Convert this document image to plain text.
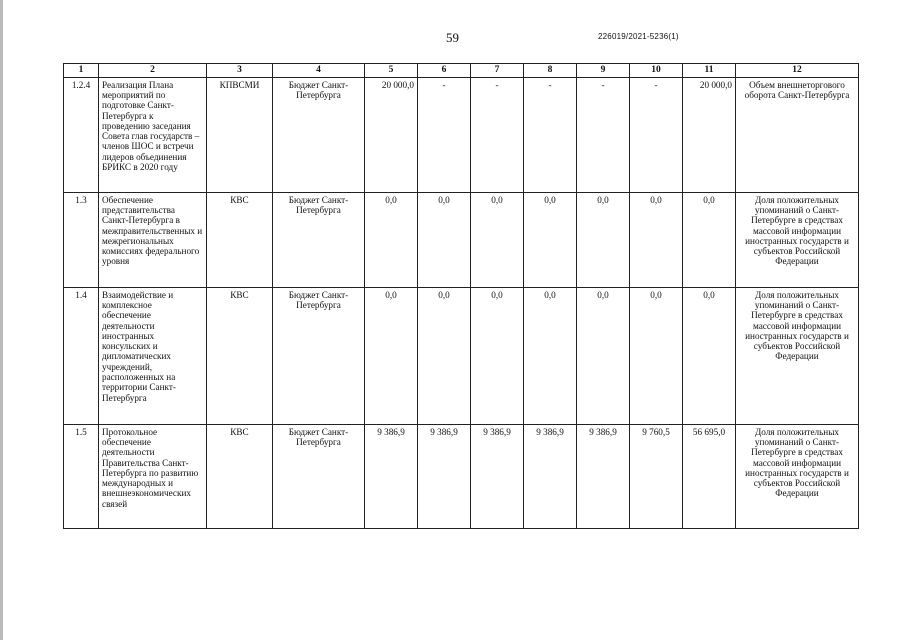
59	226019/2021-5236(1)
1	2	3	4	5	6	7	8	9	10	11	12
1.2.4	Реализация Плана мероприятий по подготовке Санкт-Петербурга к проведению заседания Совета глав государств – членов ШОС и встречи лидеров объединения БРИКС в 2020 году	КПВСМИ	Бюджет Санкт-Петербурга	20 000,0	-	-	-	-	-	20 000,0	Объем внешнеторгового оборота Санкт-Петербурга
1.3	Обеспечение представительства Санкт-Петербурга в межправительственных и межрегиональных комиссиях федерального уровня	КВС	Бюджет Санкт-Петербурга	0,0	0,0	0,0	0,0	0,0	0,0	0,0	Доля положительных упоминаний о Санкт-Петербурге в средствах массовой информации иностранных государств и субъектов Российской Федерации
1.4	Взаимодействие и комплексное обеспечение деятельности иностранных консульских и дипломатических учреждений, расположенных на территории Санкт-Петербурга	КВС	Бюджет Санкт-Петербурга	0,0	0,0	0,0	0,0	0,0	0,0	0,0	Доля положительных упоминаний о Санкт-Петербурге в средствах массовой информации иностранных государств и субъектов Российской Федерации
1.5	Протокольное обеспечение деятельности Правительства Санкт-Петербурга по развитию международных и внешнеэкономических связей	КВС	Бюджет Санкт-Петербурга	9 386,9	9 386,9	9 386,9	9 386,9	9 386,9	9 760,5	56 695,0	Доля положительных упоминаний о Санкт-Петербурге в средствах массовой информации иностранных государств и субъектов Российской Федерации
